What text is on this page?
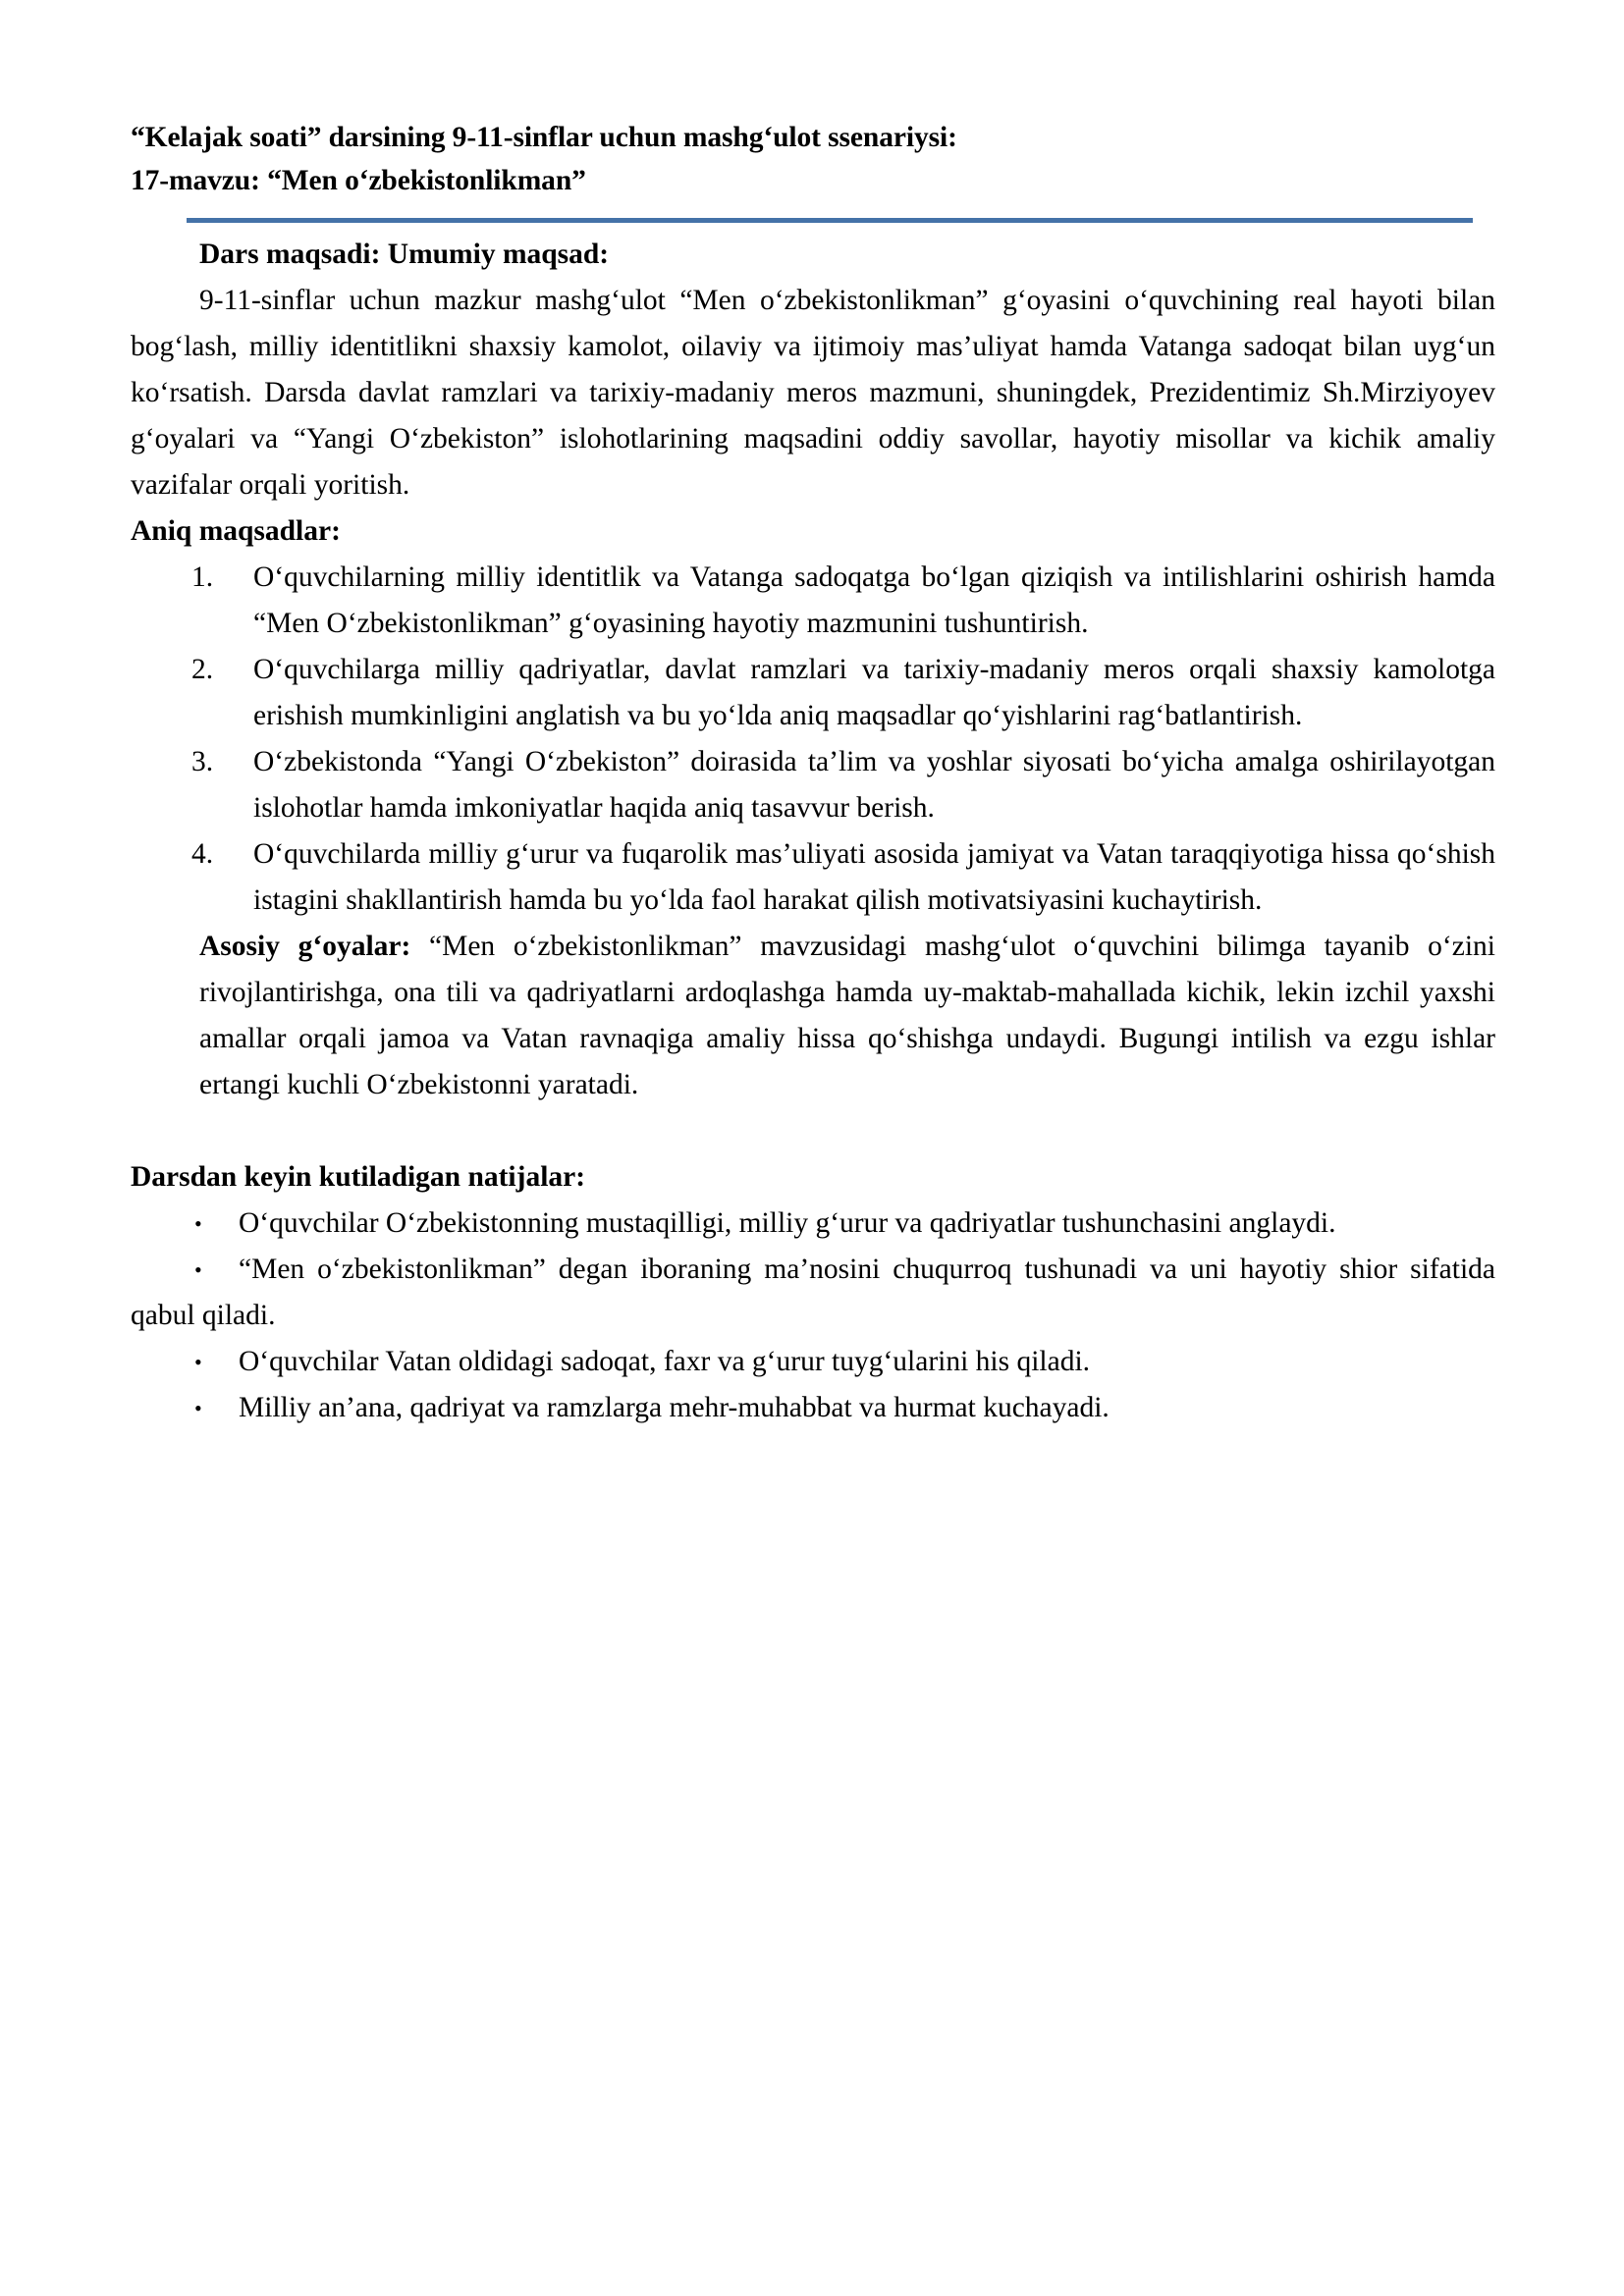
“Kelajak soati” darsining 9-11-sinflar uchun mashg‘ulot ssenariysi:
17-mavzu: “Men o‘zbekistonlikman”

Dars maqsadi: Umumiy maqsad:

9-11-sinflar uchun mazkur mashg‘ulot “Men o‘zbekistonlikman” g‘oyasini o‘quvchining real hayoti bilan bog‘lash, milliy identitlikni shaxsiy kamolot, oilaviy va ijtimoiy mas’uliyat hamda Vatanga sadoqat bilan uyg‘un ko‘rsatish. Darsda davlat ramzlari va tarixiy-madaniy meros mazmuni, shuningdek, Prezidentimiz Sh.Mirziyoyev g‘oyalari va “Yangi O‘zbekiston” islohotlarining maqsadini oddiy savollar, hayotiy misollar va kichik amaliy vazifalar orqali yoritish.

Aniq maqsadlar:

1.	O‘quvchilarning milliy identitlik va Vatanga sadoqatga bo‘lgan qiziqish va intilishlarini oshirish hamda “Men O‘zbekistonlikman” g‘oyasining hayotiy mazmunini tushuntirish.
2.	O‘quvchilarga milliy qadriyatlar, davlat ramzlari va tarixiy-madaniy meros orqali shaxsiy kamolotga erishish mumkinligini anglatish va bu yo‘lda aniq maqsadlar qo‘yishlarini rag‘batlantirish.
3.	O‘zbekistonda “Yangi O‘zbekiston” doirasida ta’lim va yoshlar siyosati bo‘yicha amalga oshirilayotgan islohotlar hamda imkoniyatlar haqida aniq tasavvur berish.
4.	O‘quvchilarda milliy g‘urur va fuqarolik mas’uliyati asosida jamiyat va Vatan taraqqiyotiga hissa qo‘shish istagini shakllantirish hamda bu yo‘lda faol harakat qilish motivatsiyasini kuchaytirish.

Asosiy g‘oyalar: “Men o‘zbekistonlikman” mavzusidagi mashg‘ulot o‘quvchini bilimga tayanib o‘zini rivojlantirishga, ona tili va qadriyatlarni ardoqlashga hamda uy-maktab-mahallada kichik, lekin izchil yaxshi amallar orqali jamoa va Vatan ravnaqiga amaliy hissa qo‘shishga undaydi. Bugungi intilish va ezgu ishlar ertangi kuchli O‘zbekistonni yaratadi.

Darsdan keyin kutiladigan natijalar:

• O‘quvchilar O‘zbekistonning mustaqilligi, milliy g‘urur va qadriyatlar tushunchasini anglaydi.
• “Men o‘zbekistonlikman” degan iboraning ma’nosini chuqurroq tushunadi va uni hayotiy shior sifatida qabul qiladi.
• O‘quvchilar Vatan oldidagi sadoqat, faxr va g‘urur tuyg‘ularini his qiladi.
• Milliy an’ana, qadriyat va ramzlarga mehr-muhabbat va hurmat kuchayadi.
